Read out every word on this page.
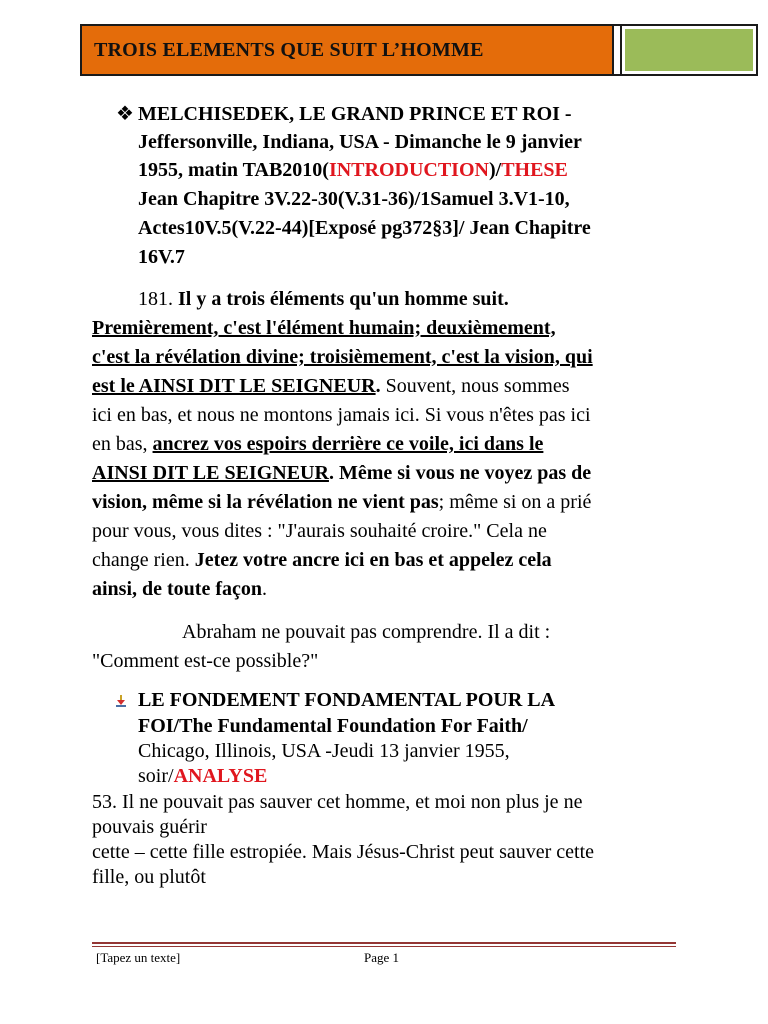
TROIS ELEMENTS QUE SUIT L’HOMME
❖ MELCHISEDEK, LE GRAND PRINCE ET ROI -
Jeffersonville, Indiana, USA - Dimanche le 9 janvier
1955, matin TAB2010(INTRODUCTION)/THESE
Jean Chapitre 3V.22-30(V.31-36)/1Samuel 3.V1-10,
Actes10V.5(V.22-44)[Exposé pg372§3]/ Jean Chapitre
16V.7
181. Il y a trois éléments qu'un homme suit.
Premièrement, c'est l'élément humain; deuxièmement,
c'est la révélation divine; troisièmement, c'est la vision, qui
est le AINSI DIT LE SEIGNEUR. Souvent, nous sommes
ici en bas, et nous ne montons jamais ici. Si vous n'êtes pas ici
en bas, ancrez vos espoirs derrière ce voile, ici dans le
AINSI DIT LE SEIGNEUR. Même si vous ne voyez pas de
vision, même si la révélation ne vient pas; même si on a prié
pour vous, vous dites : "J'aurais souhaité croire." Cela ne
change rien. Jetez votre ancre ici en bas et appelez cela
ainsi, de toute façon.
Abraham ne pouvait pas comprendre. Il a dit :
"Comment est-ce possible?"
LE FONDEMENT FONDAMENTAL POUR LA
FOI/The Fundamental Foundation For Faith/
Chicago, Illinois, USA -Jeudi 13 janvier 1955,
soir/ANALYSE
53. Il ne pouvait pas sauver cet homme, et moi non plus je ne
pouvais guérir
cette – cette fille estropiée. Mais Jésus-Christ peut sauver cette
fille, ou plutôt
[Tapez un texte]	Page 1
